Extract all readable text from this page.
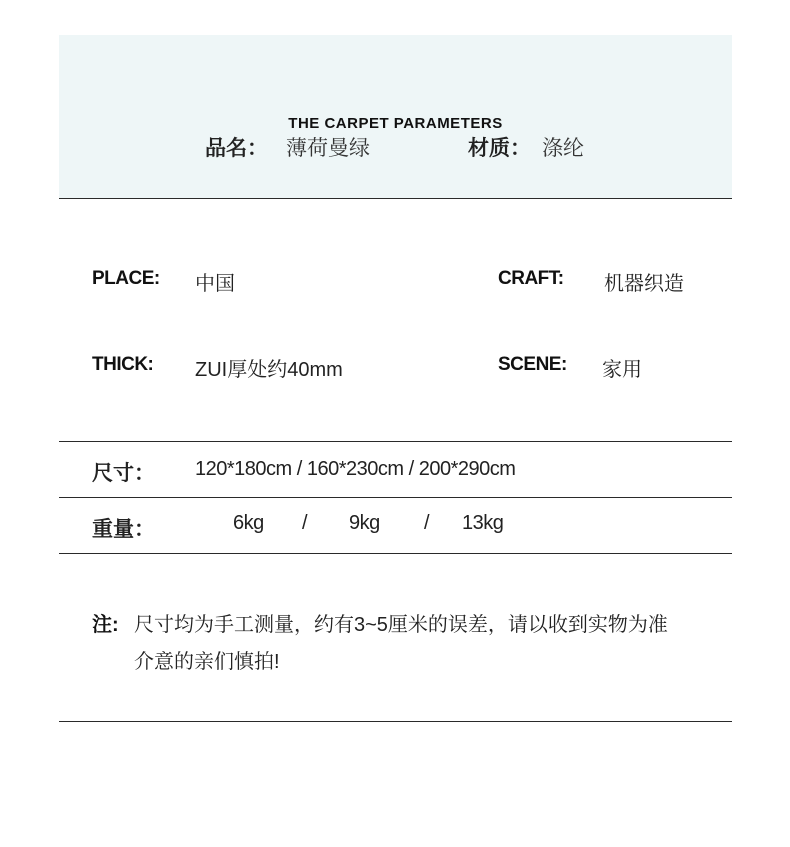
THE CARPET PARAMETERS
品名： 薄荷曼绿	材质： 涤纶
PLACE: 中国	CRAFT: 机器织造
THICK: ZUI厚处约40mm	SCENE: 家用
尺寸： 120*180cm / 160*230cm / 200*290cm
重量：	6kg / 9kg / 13kg
注: 尺寸均为手工测量，约有3~5厘米的误差，请以收到实物为准
介意的亲们慎拍!
